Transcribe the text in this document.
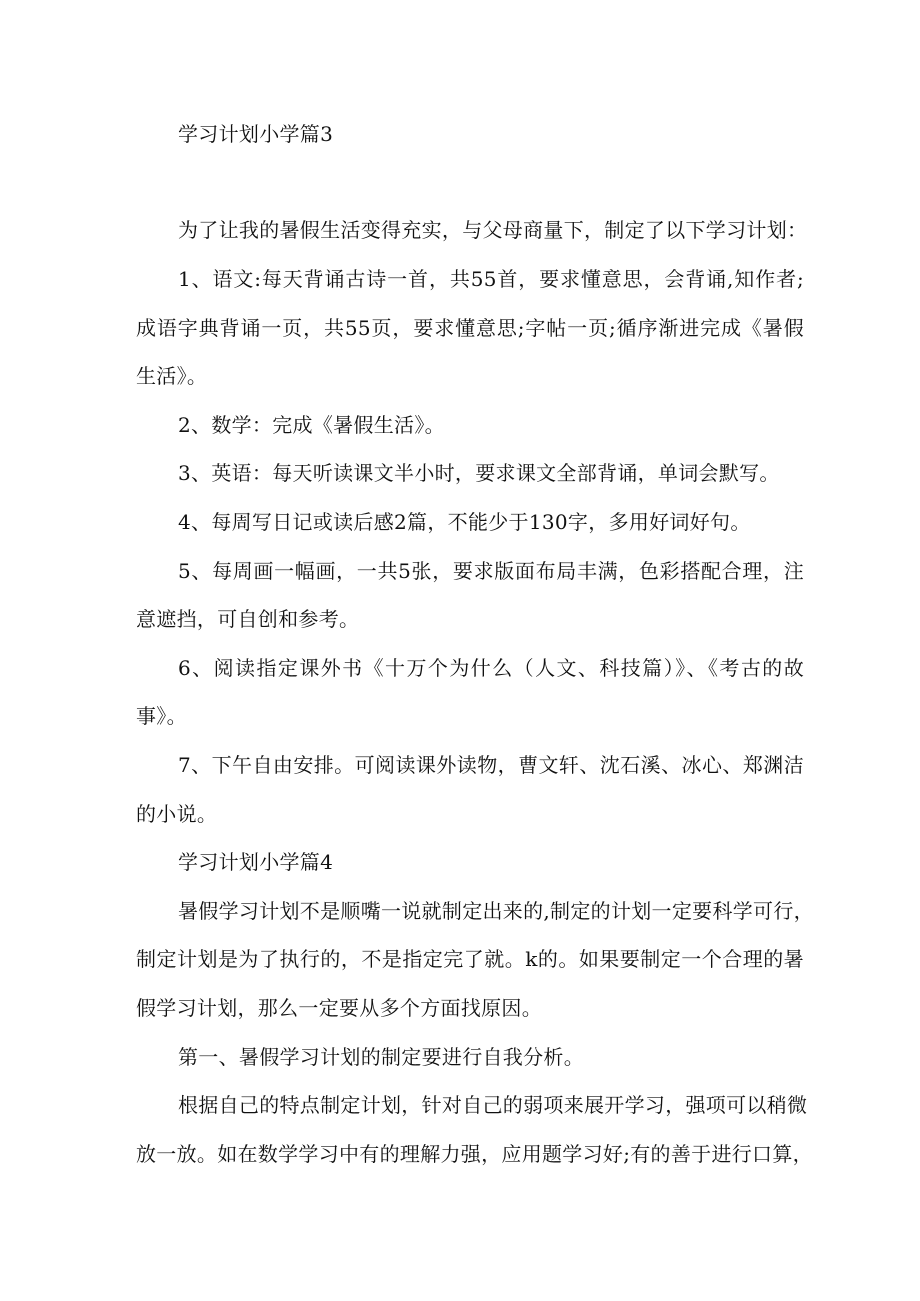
学习计划小学篇3
为了让我的暑假生活变得充实，与父母商量下，制定了以下学习计划：
1、语文:每天背诵古诗一首，共55首，要求懂意思，会背诵,知作者;
成语字典背诵一页，共55页，要求懂意思;字帖一页;循序渐进完成《暑假
生活》。
2、数学：完成《暑假生活》。
3、英语：每天听读课文半小时，要求课文全部背诵，单词会默写。
4、每周写日记或读后感2篇，不能少于130字，多用好词好句。
5、每周画一幅画，一共5张，要求版面布局丰满，色彩搭配合理，注
意遮挡，可自创和参考。
6、阅读指定课外书《十万个为什么（人文、科技篇）》、《考古的故
事》。
7、下午自由安排。可阅读课外读物，曹文轩、沈石溪、冰心、郑渊洁
的小说。
学习计划小学篇4
暑假学习计划不是顺嘴一说就制定出来的,制定的计划一定要科学可行，
制定计划是为了执行的，不是指定完了就。k的。如果要制定一个合理的暑
假学习计划，那么一定要从多个方面找原因。
第一、暑假学习计划的制定要进行自我分析。
根据自己的特点制定计划，针对自己的弱项来展开学习，强项可以稍微
放一放。如在数学学习中有的理解力强，应用题学习好;有的善于进行口算，
